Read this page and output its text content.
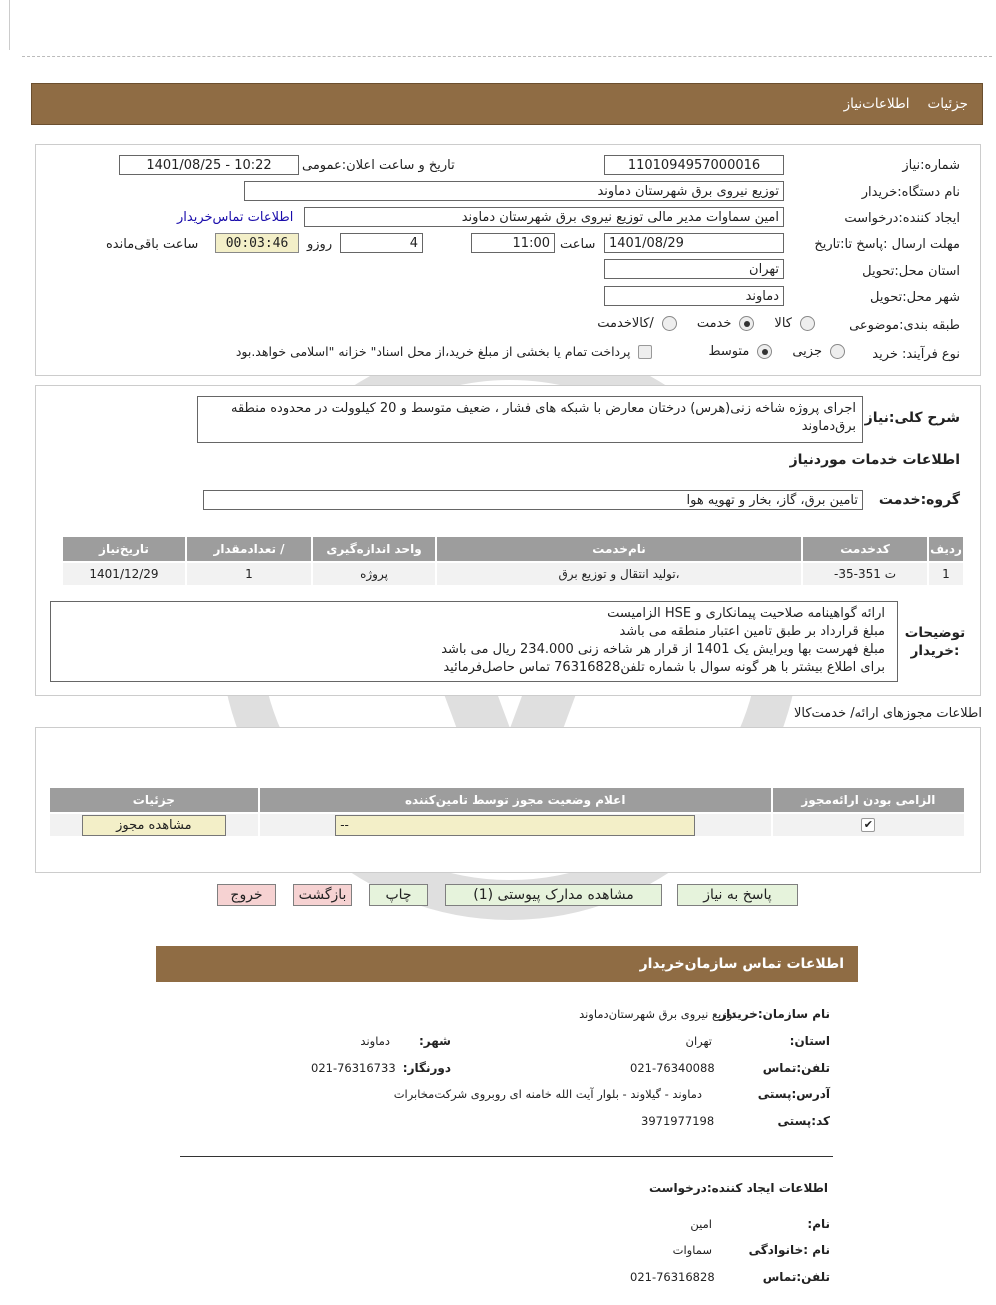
جزئیات
اطلاعات‌نیاز
شماره:نیاز
1101094957000016
تاریخ و ساعت اعلان:عمومی
1401/08/25 - 10:22
نام دستگاه:خریدار
توزیع نیروی برق شهرستان دماوند
ایجاد کننده:درخواست
امین سماوات مدیر مالی توزیع نیروی برق شهرستان دماوند
اطلاعات تماس‌خریدار
مهلت ارسال :پاسخ تا:تاریخ
1401/08/29
ساعت
11:00
4
روزو
00:03:46
ساعت باقی‌مانده
استان محل:تحویل
تهران
شهر محل:تحویل
دماوند
طبقه بندی:موضوعی
کالا
خدمت
/کالاخدمت
نوع فرآیند: خرید
جزیی
متوسط
پرداخت تمام یا بخشی از مبلغ خرید،از محل اسناد" خزانه "اسلامی خواهد.بود
شرح کلی:نیاز
اجرای پروژه شاخه زنی(هرس) درختان معارض با شبکه های فشار ، ضعیف متوسط و 20 کیلوولت در محدوده منطقه برق‌دماوند
اطلاعات خدمات موردنیاز
گروه:خدمت
تامین برق، گاز، بخار و تهویه هوا
ردیف	کدخدمت	نام‌خدمت	واحد اندازه‌گیری	/ تعدادمقدار	تاریخ‌نیاز
1	ت 351-35-	،تولید انتقال و توزیع برق	پروژه	1	1401/12/29
توضیحات :خریدار
ارائه گواهینامه صلاحیت پیمانکاری و HSE الزامیست
مبلغ قرارداد بر طبق تامین اعتبار منطقه می باشد
مبلغ فهرست بها ویرایش یک 1401 از قرار هر شاخه زنی 234.000 ریال می باشد
برای اطلاع بیشتر با هر گونه سوال با شماره تلفن76316828 تماس حاصل‌فرمائید
اطلاعات مجوزهای ارائه/ خدمت‌کالا
الزامی بودن ارائه‌مجوز	اعلام وضعیت مجوز توسط تامین‌کننده	جزئیات
✔	--	مشاهده مجوز
پاسخ به نیاز
مشاهده مدارک پیوستی (1)
چاپ
بازگشت
خروج
اطلاعات تماس سازمان‌خریدار
نام سازمان:خریدار
توزیع نیروی برق شهرستان‌دماوند
استان:
تهران
شهر:
دماوند
تلفن:تماس
021-76340088
دورنگار:
021-76316733
آدرس:پستی
دماوند - گیلاوند - بلوار آیت الله خامنه ای روبروی شرکت‌مخابرات
کد:پستی
3971977198
اطلاعات ایجاد کننده:درخواست
نام:
امین
نام :خانوادگی
سماوات
تلفن:تماس
021-76316828
